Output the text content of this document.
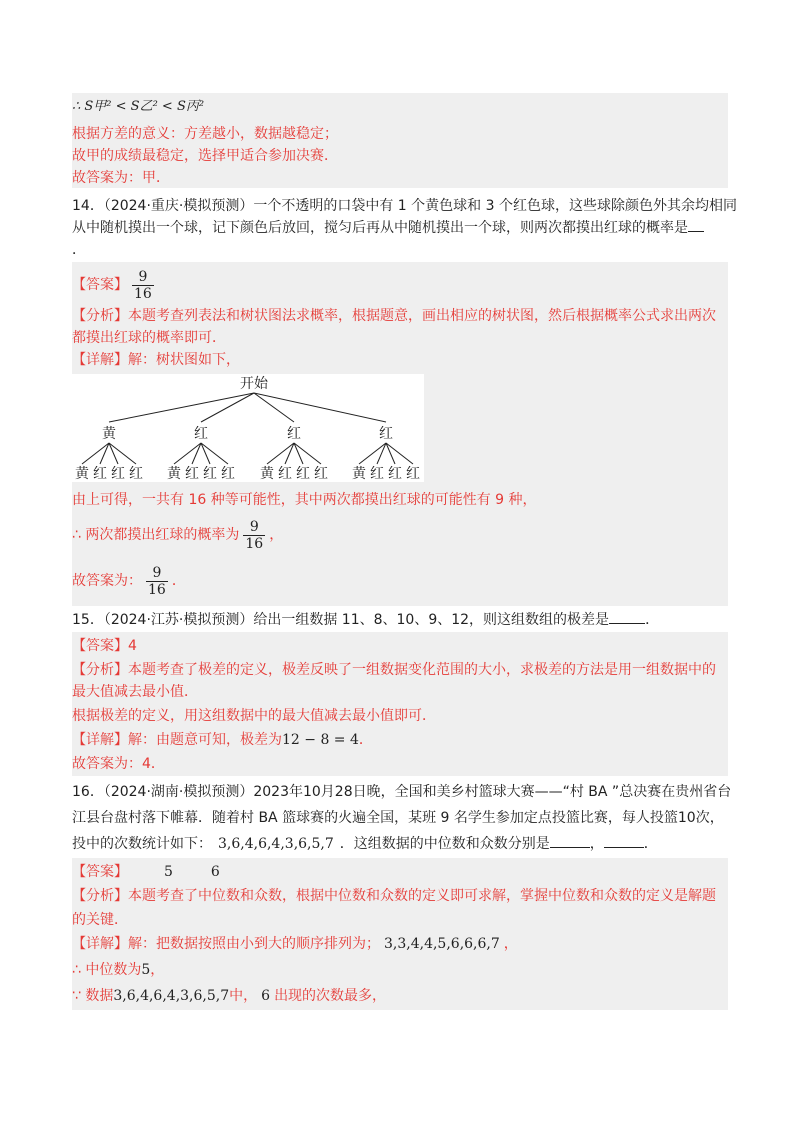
∴ S甲² < S乙² < S丙²
根据方差的意义：方差越小，数据越稳定；
故甲的成绩最稳定，选择甲适合参加决赛．
故答案为：甲．
14．（2024·重庆·模拟预测）一个不透明的口袋中有 1 个黄色球和 3 个红色球，这些球除颜色外其余均相同
从中随机摸出一个球，记下颜色后放回，搅匀后再从中随机摸出一个球，则两次都摸出红球的概率是
．
【答案】 $\frac{9}{16}$
【分析】本题考查列表法和树状图法求概率，根据题意，画出相应的树状图，然后根据概率公式求出两次
都摸出红球的概率即可．
【详解】解：树状图如下，
开始
黄	红	红	红
黄 红 红 红 黄 红 红 红 黄 红 红 红 黄 红 红 红
由上可得，一共有 16 种等可能性，其中两次都摸出红球的可能性有 9 种，
∴ 两次都摸出红球的概率为 $\frac{9}{16}$ ，
故答案为： $\frac{9}{16}$ ．
15．（2024·江苏·模拟预测）给出一组数据 11、8、10、9、12，则这组数组的极差是	．
【答案】4
【分析】本题考查了极差的定义，极差反映了一组数据变化范围的大小，求极差的方法是用一组数据中的
最大值减去最小值．
根据极差的定义，用这组数据中的最大值减去最小值即可．
【详解】解：由题意可知，极差为12 − 8 = 4．
故答案为：4．
16．（2024·湖南·模拟预测）2023年10月28日晚，全国和美乡村篮球大赛——“村 BA ”总决赛在贵州省台
江县台盘村落下帷幕．随着村 BA 篮球赛的火遍全国，某班 9 名学生参加定点投篮比赛，每人投篮10次，
投中的次数统计如下： 3,6,4,6,4,3,6,5,7 ．这组数据的中位数和众数分别是	，	．
【答案】	5	6
【分析】本题考查了中位数和众数，根据中位数和众数的定义即可求解，掌握中位数和众数的定义是解题
的关键．
【详解】解：把数据按照由小到大的顺序排列为； 3,3,4,4,5,6,6,6,7 ，
∴ 中位数为5，
∵ 数据3,6,4,6,4,3,6,5,7中， 6 出现的次数最多，
